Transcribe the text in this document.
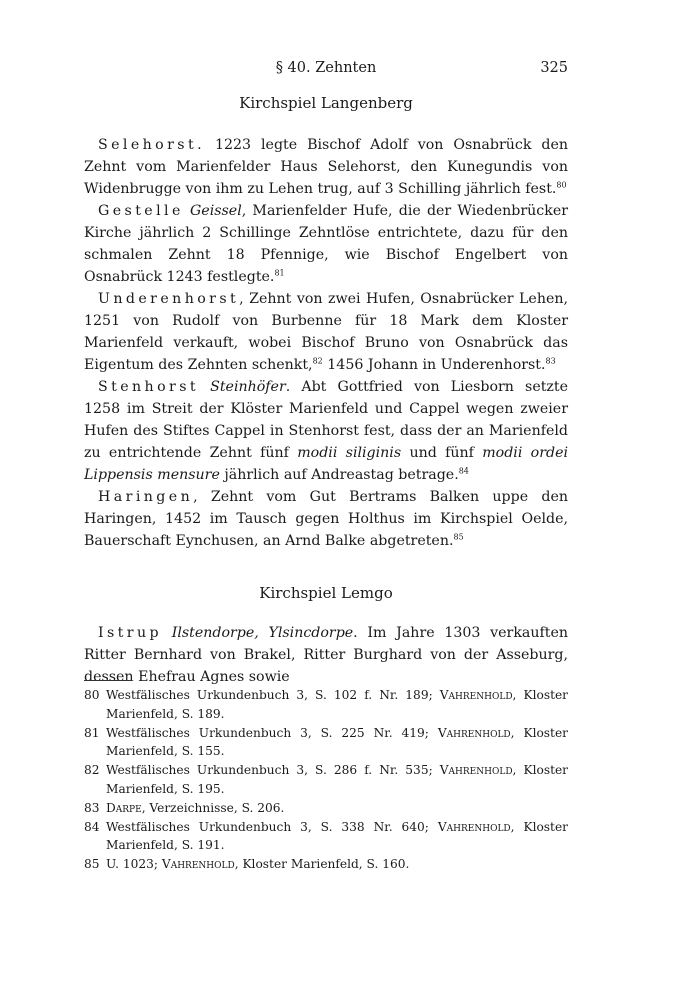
§ 40. Zehnten	325
Kirchspiel Langenberg

Selehorst. 1223 legte Bischof Adolf von Osnabrück den Zehnt vom Marienfelder Haus Selehorst, den Kunegundis von Widenbrugge von ihm zu Lehen trug, auf 3 Schilling jährlich fest.$^{80}$

Gestelle Geissel, Marienfelder Hufe, die der Wiedenbrücker Kirche jährlich 2 Schillinge Zehntlöse entrichtete, dazu für den schmalen Zehnt 18 Pfennige, wie Bischof Engelbert von Osnabrück 1243 festlegte.$^{81}$

Underenhorst, Zehnt von zwei Hufen, Osnabrücker Lehen, 1251 von Rudolf von Burbenne für 18 Mark dem Kloster Marienfeld verkauft, wobei Bischof Bruno von Osnabrück das Eigentum des Zehnten schenkt,$^{82}$ 1456 Johann in Underenhorst.$^{83}$

Stenhorst Steinhöfer. Abt Gottfried von Liesborn setzte 1258 im Streit der Klöster Marienfeld und Cappel wegen zweier Hufen des Stiftes Cappel in Stenhorst fest, dass der an Marienfeld zu entrichtende Zehnt fünf modii siliginis und fünf modii ordei Lippensis mensure jährlich auf Andreastag betrage.$^{84}$

Haringen, Zehnt vom Gut Bertrams Balken uppe den Haringen, 1452 im Tausch gegen Holthus im Kirchspiel Oelde, Bauerschaft Eynchusen, an Arnd Balke abgetreten.$^{85}$

Kirchspiel Lemgo

Istrup Ilstendorpe, Ylsincdorpe. Im Jahre 1303 verkauften Ritter Bernhard von Brakel, Ritter Burghard von der Asseburg, dessen Ehefrau Agnes sowie

80 Westfälisches Urkundenbuch 3, S. 102 f. Nr. 189; Vahrenhold, Kloster Marienfeld, S. 189.
81 Westfälisches Urkundenbuch 3, S. 225 Nr. 419; Vahrenhold, Kloster Marienfeld, S. 155.
82 Westfälisches Urkundenbuch 3, S. 286 f. Nr. 535; Vahrenhold, Kloster Marienfeld, S. 195.
83 Darpe, Verzeichnisse, S. 206.
84 Westfälisches Urkundenbuch 3, S. 338 Nr. 640; Vahrenhold, Kloster Marienfeld, S. 191.
85 U. 1023; Vahrenhold, Kloster Marienfeld, S. 160.
